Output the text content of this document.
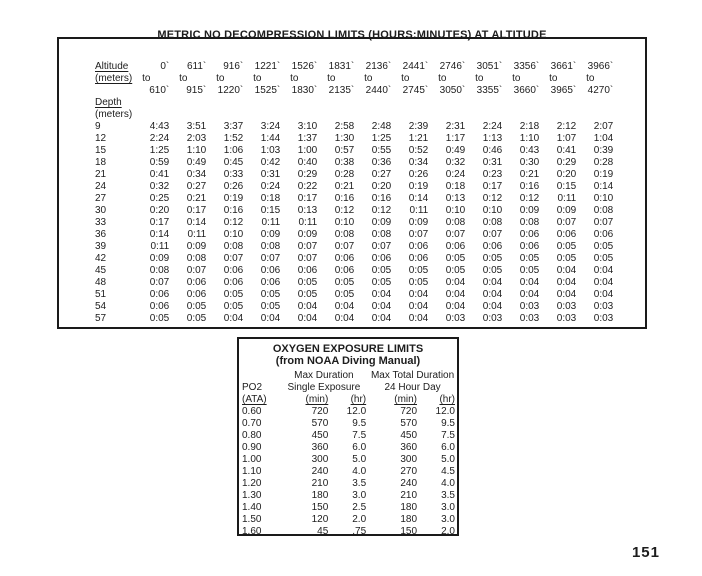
METRIC NO DECOMPRESSION LIMITS (HOURS:MINUTES) AT ALTITUDE
Altitude	0`	611`	916`	1221`	1526`	1831`	2136`	2441`	2746`	3051`	3356`	3661`	3966`
(meters)	to	to	to	to	to	to	to	to	to	to	to	to	to
	610`	915`	1220`	1525`	1830`	2135`	2440`	2745`	3050`	3355`	3660`	3965`	4270`
Depth													
(meters)													
9	4:43	3:51	3:37	3:24	3:10	2:58	2:48	2:39	2:31	2:24	2:18	2:12	2:07
12	2:24	2:03	1:52	1:44	1:37	1:30	1:25	1:21	1:17	1:13	1:10	1:07	1:04
15	1:25	1:10	1:06	1:03	1:00	0:57	0:55	0:52	0:49	0:46	0:43	0:41	0:39
18	0:59	0:49	0:45	0:42	0:40	0:38	0:36	0:34	0:32	0:31	0:30	0:29	0:28
21	0:41	0:34	0:33	0:31	0:29	0:28	0:27	0:26	0:24	0:23	0:21	0:20	0:19
24	0:32	0:27	0:26	0:24	0:22	0:21	0:20	0:19	0:18	0:17	0:16	0:15	0:14
27	0:25	0:21	0:19	0:18	0:17	0:16	0:16	0:14	0:13	0:12	0:12	0:11	0:10
30	0:20	0:17	0:16	0:15	0:13	0:12	0:12	0:11	0:10	0:10	0:09	0:09	0:08
33	0:17	0:14	0:12	0:11	0:11	0:10	0:09	0:09	0:08	0:08	0:08	0:07	0:07
36	0:14	0:11	0:10	0:09	0:09	0:08	0:08	0:07	0:07	0:07	0:06	0:06	0:06
39	0:11	0:09	0:08	0:08	0:07	0:07	0:07	0:06	0:06	0:06	0:06	0:05	0:05
42	0:09	0:08	0:07	0:07	0:07	0:06	0:06	0:06	0:05	0:05	0:05	0:05	0:05
45	0:08	0:07	0:06	0:06	0:06	0:06	0:05	0:05	0:05	0:05	0:05	0:04	0:04
48	0:07	0:06	0:06	0:06	0:05	0:05	0:05	0:05	0:04	0:04	0:04	0:04	0:04
51	0:06	0:06	0:05	0:05	0:05	0:05	0:04	0:04	0:04	0:04	0:04	0:04	0:04
54	0:06	0:05	0:05	0:05	0:04	0:04	0:04	0:04	0:04	0:04	0:03	0:03	0:03
57	0:05	0:05	0:04	0:04	0:04	0:04	0:04	0:04	0:03	0:03	0:03	0:03	0:03
OXYGEN EXPOSURE LIMITS
(from NOAA Diving Manual)
	Max Duration		Max Total Duration	
PO2	Single Exposure		24 Hour Day	
(ATA)	(min)	(hr)	(min)	(hr)
0.60	720	12.0	720	12.0
0.70	570	9.5	570	9.5
0.80	450	7.5	450	7.5
0.90	360	6.0	360	6.0
1.00	300	5.0	300	5.0
1.10	240	4.0	270	4.5
1.20	210	3.5	240	4.0
1.30	180	3.0	210	3.5
1.40	150	2.5	180	3.0
1.50	120	2.0	180	3.0
1.60	45	.75	150	2.0
151
